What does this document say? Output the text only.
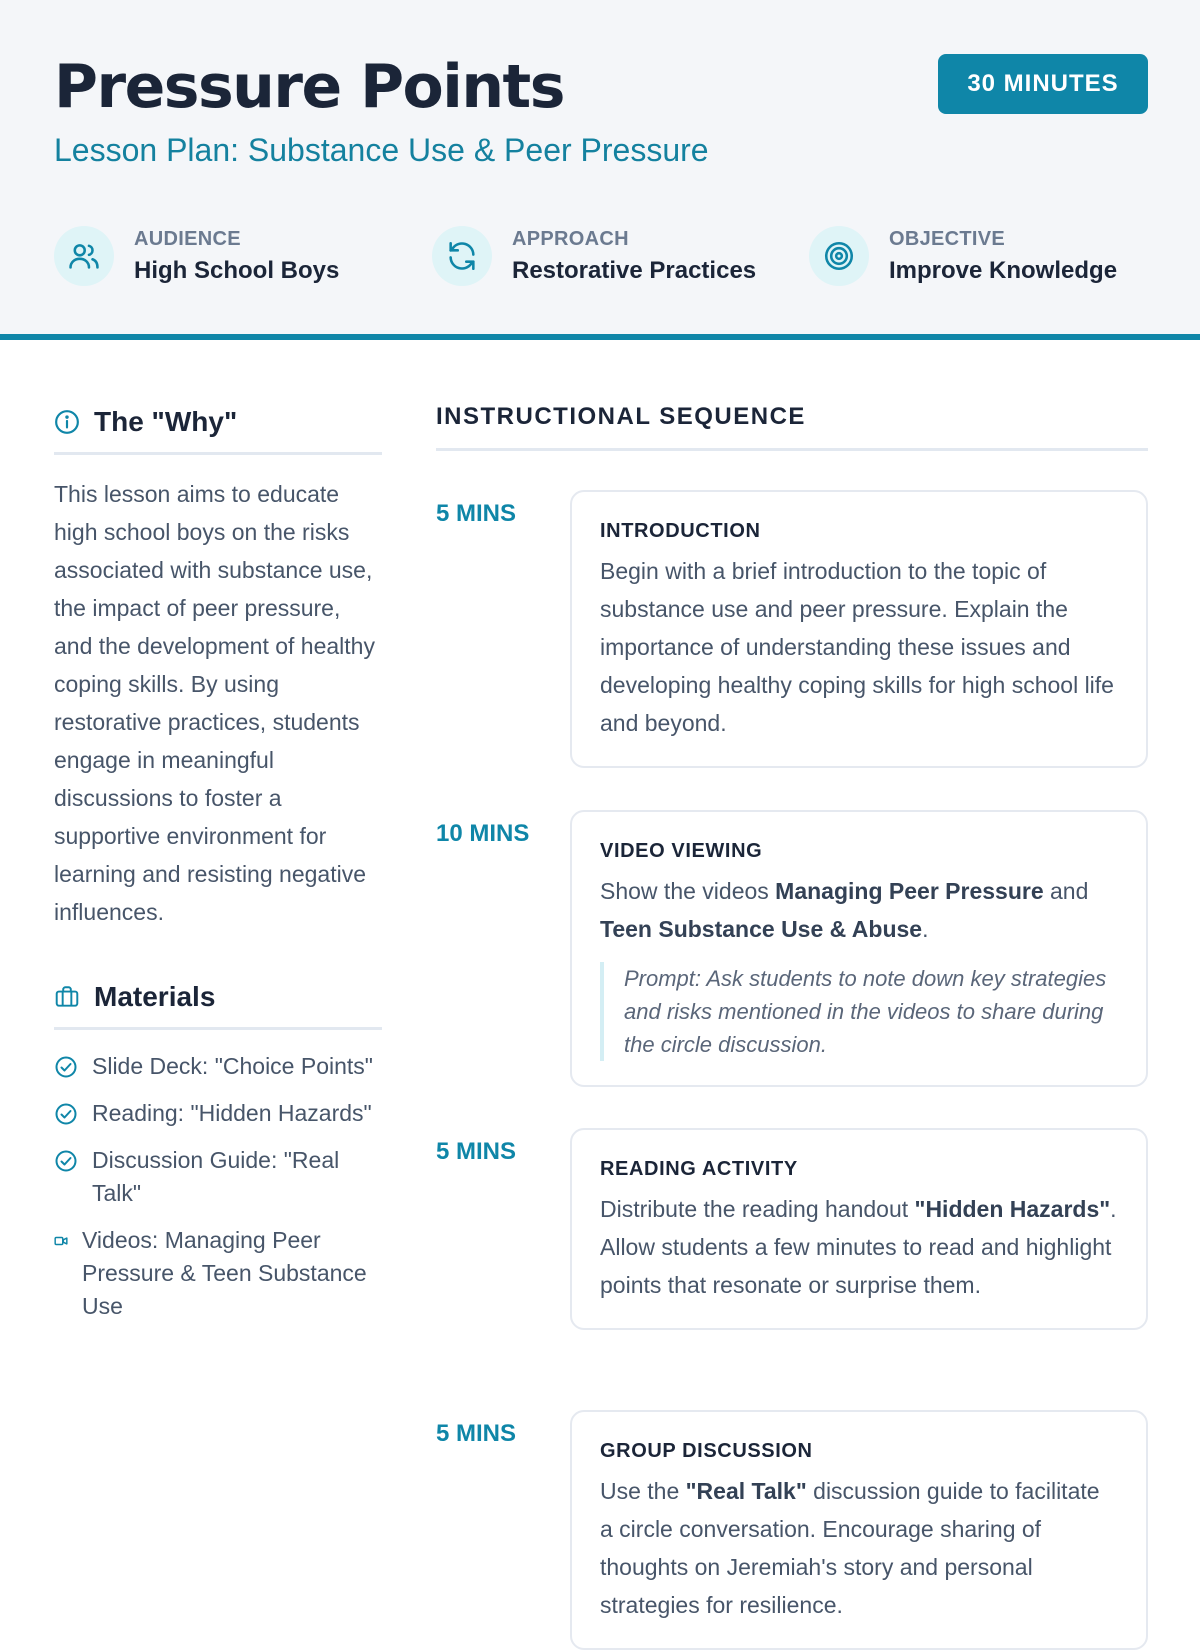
Pressure Points
Lesson Plan: Substance Use & Peer Pressure
30 MINUTES
AUDIENCE
High School Boys
APPROACH
Restorative Practices
OBJECTIVE
Improve Knowledge
The "Why"

This lesson aims to educate high school boys on the risks associated with substance use, the impact of peer pressure, and the development of healthy coping skills. By using restorative practices, students engage in meaningful discussions to foster a supportive environment for learning and resisting negative influences.

Materials
Slide Deck: "Choice Points"
Reading: "Hidden Hazards"
Discussion Guide: "Real Talk"
Videos: Managing Peer Pressure & Teen Substance Use
INSTRUCTIONAL SEQUENCE
5 MINS
INTRODUCTION

Begin with a brief introduction to the topic of substance use and peer pressure. Explain the importance of understanding these issues and developing healthy coping skills for high school life and beyond.

10 MINS
VIDEO VIEWING

Show the videos Managing Peer Pressure and Teen Substance Use & Abuse.

Prompt: Ask students to note down key strategies and risks mentioned in the videos to share during the circle discussion.
5 MINS
READING ACTIVITY

Distribute the reading handout "Hidden Hazards". Allow students a few minutes to read and highlight points that resonate or surprise them.

5 MINS
GROUP DISCUSSION

Use the "Real Talk" discussion guide to facilitate a circle conversation. Encourage sharing of thoughts on Jeremiah's story and personal strategies for resilience.
